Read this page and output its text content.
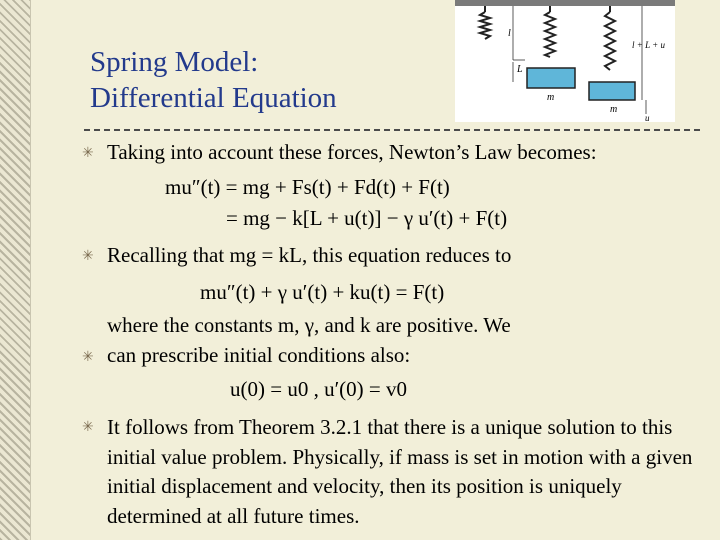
Spring Model:
Differential Equation
l
L
m
m
l + L + u
u
✳ Taking into account these forces, Newton’s Law becomes:
mu″(t) = mg + Fs(t) + Fd(t) + F(t)
= mg − k[L + u(t)] − γ u′(t) + F(t)
✳ Recalling that mg = kL, this equation reduces to
mu″(t) + γ u′(t) + ku(t) = F(t)
✳
where the constants m, γ, and k are positive. We can prescribe initial conditions also:
u(0) = u0 , u′(0) = v0
✳ It follows from Theorem 3.2.1 that there is a unique solution to this initial value problem. Physically, if mass is set in motion with a given initial displacement and velocity, then its position is uniquely determined at all future times.
